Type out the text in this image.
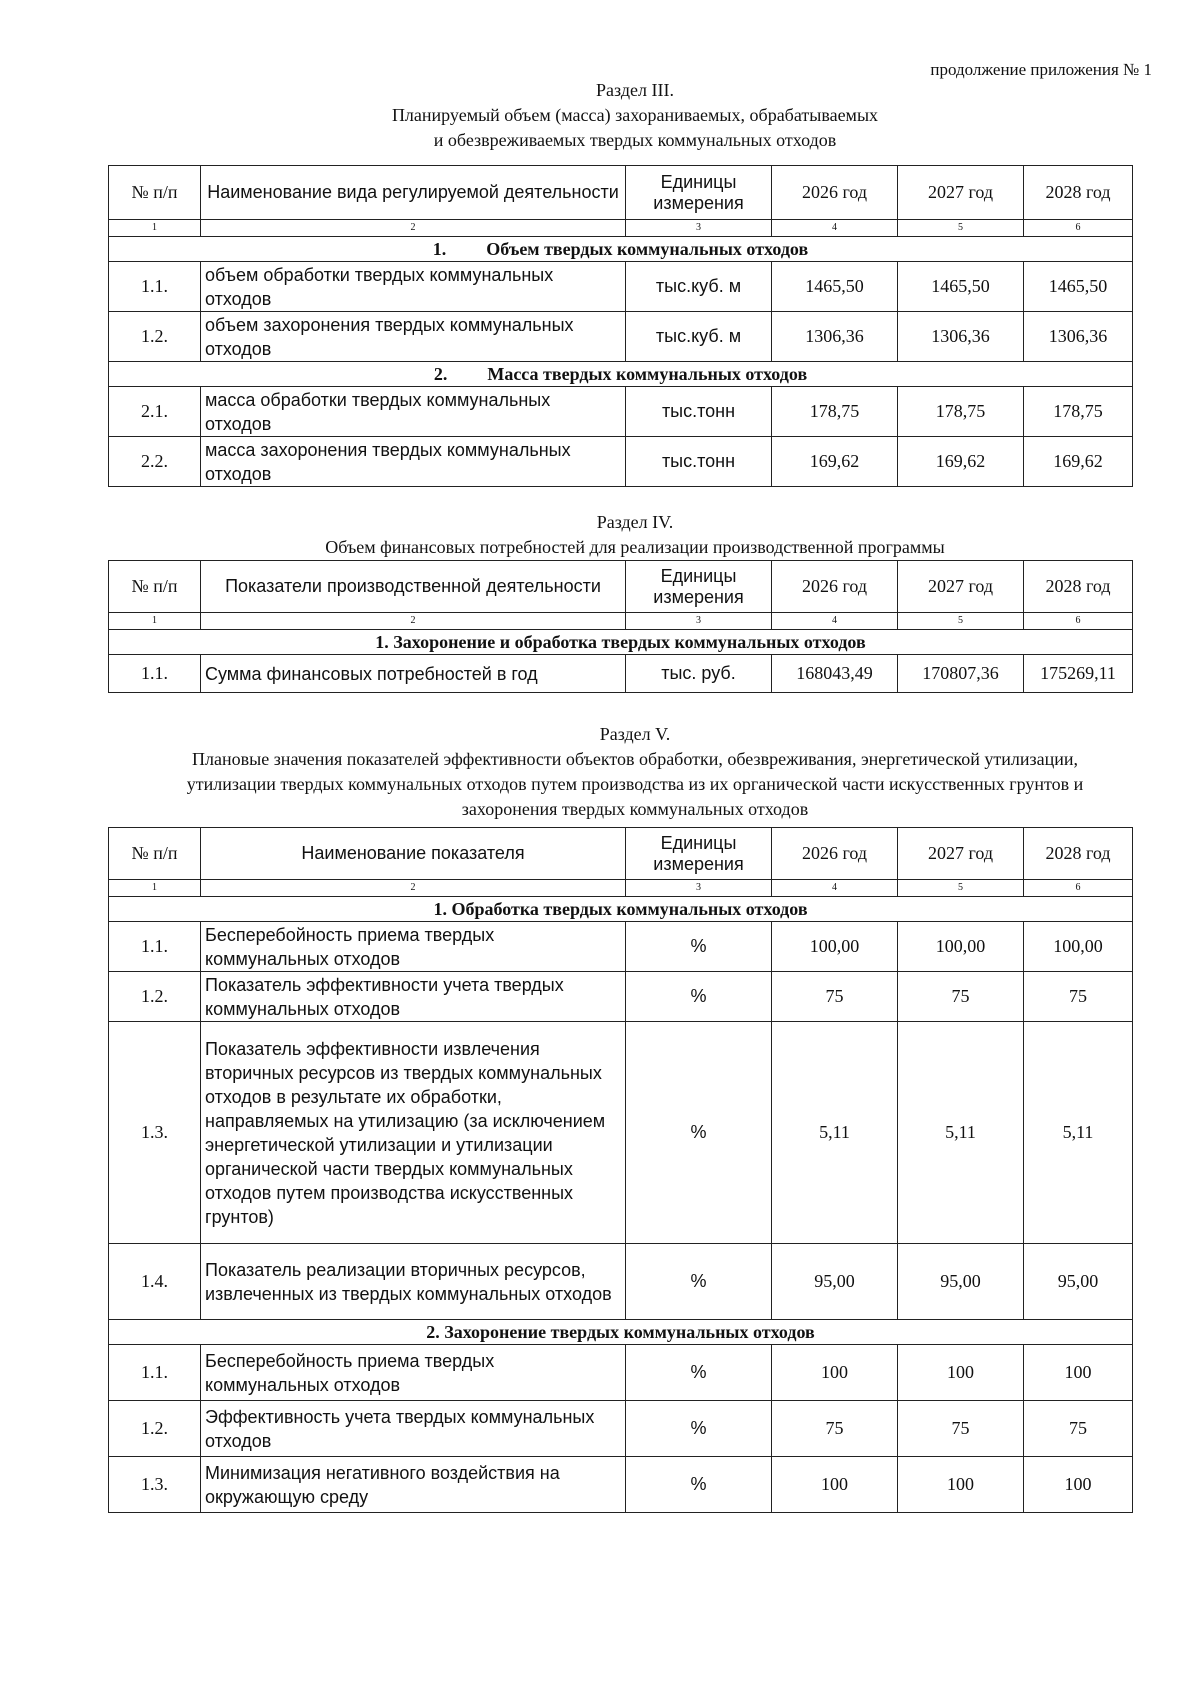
продолжение приложения № 1
Раздел III.
Планируемый объем (масса) захораниваемых, обрабатываемых
и обезвреживаемых твердых коммунальных отходов
№ п/п	Наименование вида регулируемой деятельности	Единицы измерения	2026 год	2027 год	2028 год
1	2	3	4	5	6
1. Объем твердых коммунальных отходов					
1.1.	объем обработки твердых коммунальных отходов	тыс.куб. м	1465,50	1465,50	1465,50
1.2.	объем захоронения твердых коммунальных отходов	тыс.куб. м	1306,36	1306,36	1306,36
2. Масса твердых коммунальных отходов					
2.1.	масса обработки твердых коммунальных отходов	тыс.тонн	178,75	178,75	178,75
2.2.	масса захоронения твердых коммунальных отходов	тыс.тонн	169,62	169,62	169,62
Раздел IV.
Объем финансовых потребностей для реализации производственной программы
№ п/п	Показатели производственной деятельности	Единицы измерения	2026 год	2027 год	2028 год
1	2	3	4	5	6
1. Захоронение и обработка твердых коммунальных отходов					
1.1.	Сумма финансовых потребностей в год	тыс. руб.	168043,49	170807,36	175269,11
Раздел V.
Плановые значения показателей эффективности объектов обработки, обезвреживания, энергетической утилизации,
утилизации твердых коммунальных отходов путем производства из их органической части искусственных грунтов и
захоронения твердых коммунальных отходов
№ п/п	Наименование показателя	Единицы измерения	2026 год	2027 год	2028 год
1	2	3	4	5	6
1. Обработка твердых коммунальных отходов					
1.1.	Бесперебойность приема твердых коммунальных отходов	%	100,00	100,00	100,00
1.2.	Показатель эффективности учета твердых коммунальных отходов	%	75	75	75
1.3.	Показатель эффективности извлечения вторичных ресурсов из твердых коммунальных отходов в результате их обработки, направляемых на утилизацию (за исключением энергетической утилизации и утилизации органической части твердых коммунальных отходов путем производства искусственных грунтов)	%	5,11	5,11	5,11
1.4.	Показатель реализации вторичных ресурсов, извлеченных из твердых коммунальных отходов	%	95,00	95,00	95,00
2. Захоронение твердых коммунальных отходов					
1.1.	Бесперебойность приема твердых коммунальных отходов	%	100	100	100
1.2.	Эффективность учета твердых коммунальных отходов	%	75	75	75
1.3.	Минимизация негативного воздействия на окружающую среду	%	100	100	100
